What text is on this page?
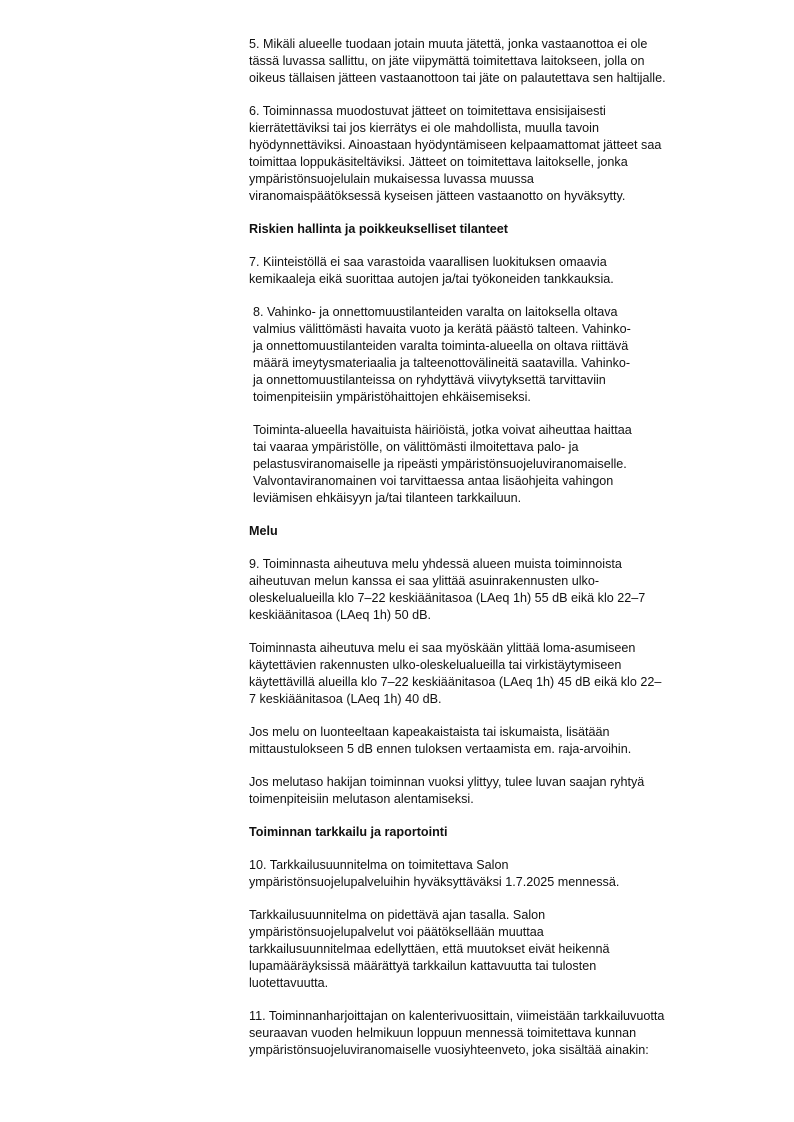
5. Mikäli alueelle tuodaan jotain muuta jätettä, jonka vastaanottoa ei ole
tässä luvassa sallittu, on jäte viipymättä toimitettava laitokseen, jolla on
oikeus tällaisen jätteen vastaanottoon tai jäte on palautettava sen haltijalle.
6. Toiminnassa muodostuvat jätteet on toimitettava ensisijaisesti
kierrätettäviksi tai jos kierrätys ei ole mahdollista, muulla tavoin
hyödynnettäviksi. Ainoastaan hyödyntämiseen kelpaamattomat jätteet saa
toimittaa loppukäsiteltäviksi. Jätteet on toimitettava laitokselle, jonka
ympäristönsuojelulain mukaisessa luvassa muussa
viranomaispäätöksessä kyseisen jätteen vastaanotto on hyväksytty.
Riskien hallinta ja poikkeukselliset tilanteet
7. Kiinteistöllä ei saa varastoida vaarallisen luokituksen omaavia
kemikaaleja eikä suorittaa autojen ja/tai työkoneiden tankkauksia.
8. Vahinko- ja onnettomuustilanteiden varalta on laitoksella oltava
valmius välittömästi havaita vuoto ja kerätä päästö talteen. Vahinko-
ja onnettomuustilanteiden varalta toiminta-alueella on oltava riittävä
määrä imeytysmateriaalia ja talteenottovälineitä saatavilla. Vahinko-
ja onnettomuustilanteissa on ryhdyttävä viivytyksettä tarvittaviin
toimenpiteisiin ympäristöhaittojen ehkäisemiseksi.
Toiminta-alueella havaituista häiriöistä, jotka voivat aiheuttaa haittaa
tai vaaraa ympäristölle, on välittömästi ilmoitettava palo- ja
pelastusviranomaiselle ja ripeästi ympäristönsuojeluviranomaiselle.
Valvontaviranomainen voi tarvittaessa antaa lisäohjeita vahingon
leviämisen ehkäisyyn ja/tai tilanteen tarkkailuun.
Melu
9. Toiminnasta aiheutuva melu yhdessä alueen muista toiminnoista
aiheutuvan melun kanssa ei saa ylittää asuinrakennusten ulko-
oleskelualueilla klo 7–22 keskiäänitasoa (LAeq 1h) 55 dB eikä klo 22–7
keskiäänitasoa (LAeq 1h) 50 dB.
Toiminnasta aiheutuva melu ei saa myöskään ylittää loma-asumiseen
käytettävien rakennusten ulko-oleskelualueilla tai virkistäytymiseen
käytettävillä alueilla klo 7–22 keskiäänitasoa (LAeq 1h) 45 dB eikä klo 22–
7 keskiäänitasoa (LAeq 1h) 40 dB.
Jos melu on luonteeltaan kapeakaistaista tai iskumaista, lisätään
mittaustulokseen 5 dB ennen tuloksen vertaamista em. raja-arvoihin.
Jos melutaso hakijan toiminnan vuoksi ylittyy, tulee luvan saajan ryhtyä
toimenpiteisiin melutason alentamiseksi.
Toiminnan tarkkailu ja raportointi
10. Tarkkailusuunnitelma on toimitettava Salon
ympäristönsuojelupalveluihin hyväksyttäväksi 1.7.2025 mennessä.
Tarkkailusuunnitelma on pidettävä ajan tasalla. Salon
ympäristönsuojelupalvelut voi päätöksellään muuttaa
tarkkailusuunnitelmaa edellyttäen, että muutokset eivät heikennä
lupamääräyksissä määrättyä tarkkailun kattavuutta tai tulosten
luotettavuutta.
11. Toiminnanharjoittajan on kalenterivuosittain, viimeistään tarkkailuvuotta
seuraavan vuoden helmikuun loppuun mennessä toimitettava kunnan
ympäristönsuojeluviranomaiselle vuosiyhteenveto, joka sisältää ainakin:
